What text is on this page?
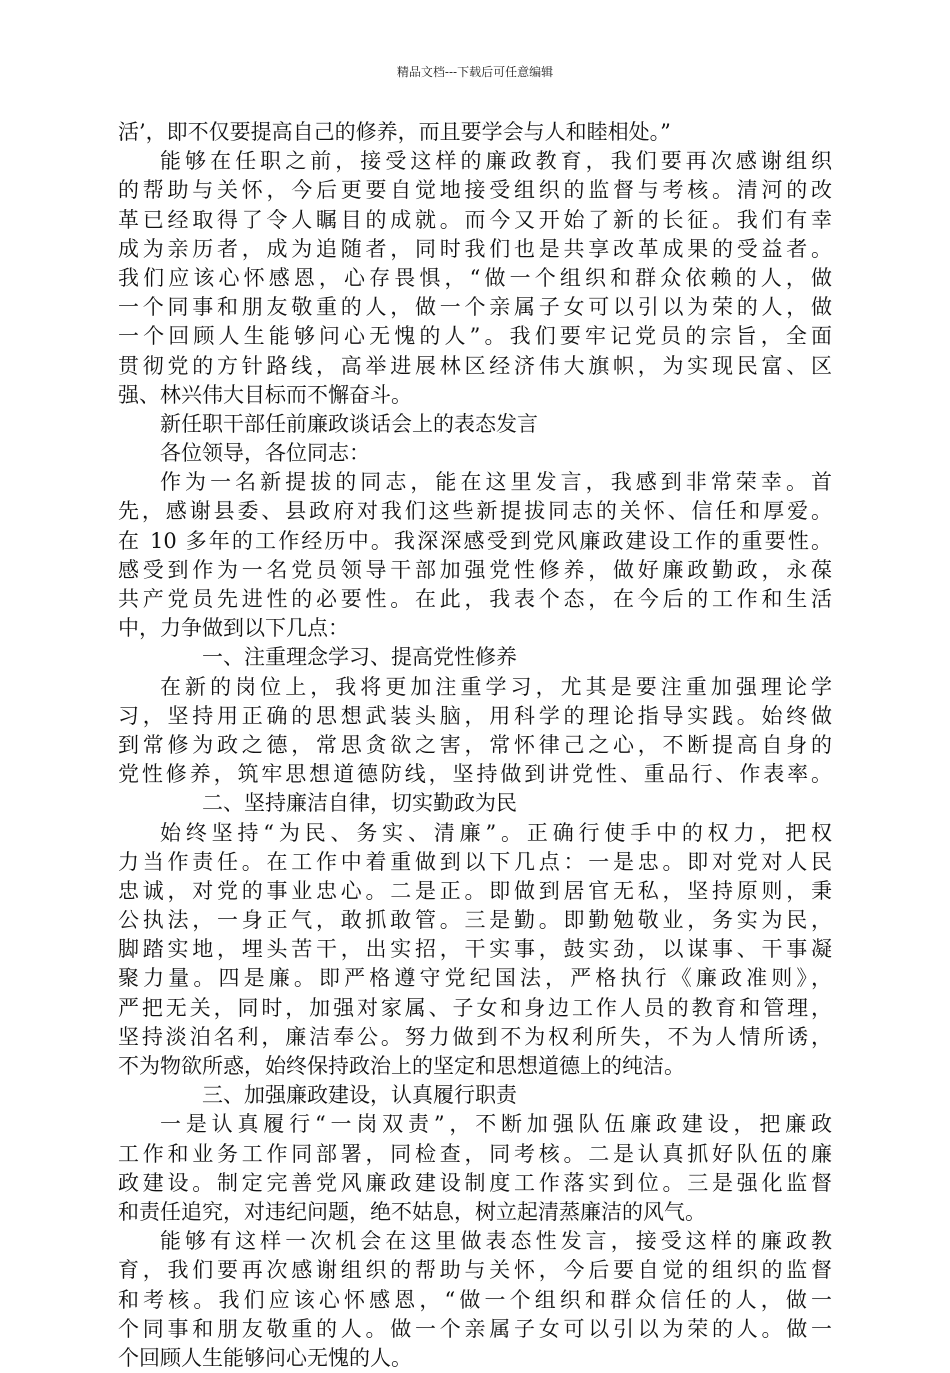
精品文档---下载后可任意编辑
活’，即不仅要提高自己的修养，而且要学会与人和睦相处。”
能够在任职之前，接受这样的廉政教育，我们要再次感谢组织
的帮助与关怀，今后更要自觉地接受组织的监督与考核。清河的改
革已经取得了令人瞩目的成就。而今又开始了新的长征。我们有幸
成为亲历者，成为追随者，同时我们也是共享改革成果的受益者。
我们应该心怀感恩，心存畏惧，“做一个组织和群众依赖的人，做
一个同事和朋友敬重的人，做一个亲属子女可以引以为荣的人，做
一个回顾人生能够问心无愧的人”。我们要牢记党员的宗旨，全面
贯彻党的方针路线，高举进展林区经济伟大旗帜，为实现民富、区
强、林兴伟大目标而不懈奋斗。
新任职干部任前廉政谈话会上的表态发言
各位领导，各位同志：
作为一名新提拔的同志，能在这里发言，我感到非常荣幸。首
先，感谢县委、县政府对我们这些新提拔同志的关怀、信任和厚爱。
在 10 多年的工作经历中。我深深感受到党风廉政建设工作的重要性。
感受到作为一名党员领导干部加强党性修养，做好廉政勤政，永葆
共产党员先进性的必要性。在此，我表个态，在今后的工作和生活
中，力争做到以下几点：
一、注重理念学习、提高党性修养
在新的岗位上，我将更加注重学习，尤其是要注重加强理论学
习，坚持用正确的思想武装头脑，用科学的理论指导实践。始终做
到常修为政之德，常思贪欲之害，常怀律己之心，不断提高自身的
党性修养，筑牢思想道德防线，坚持做到讲党性、重品行、作表率。
二、坚持廉洁自律，切实勤政为民
始终坚持“为民、务实、清廉”。正确行使手中的权力，把权
力当作责任。在工作中着重做到以下几点：一是忠。即对党对人民
忠诚，对党的事业忠心。二是正。即做到居官无私，坚持原则，秉
公执法，一身正气，敢抓敢管。三是勤。即勤勉敬业，务实为民，
脚踏实地，埋头苦干，出实招，干实事，鼓实劲，以谋事、干事凝
聚力量。四是廉。即严格遵守党纪国法，严格执行《廉政准则》，
严把无关，同时，加强对家属、子女和身边工作人员的教育和管理，
坚持淡泊名利，廉洁奉公。努力做到不为权利所失，不为人情所诱，
不为物欲所惑，始终保持政治上的坚定和思想道德上的纯洁。
三、加强廉政建设，认真履行职责
一是认真履行“一岗双责”，不断加强队伍廉政建设，把廉政
工作和业务工作同部署，同检查，同考核。二是认真抓好队伍的廉
政建设。制定完善党风廉政建设制度工作落实到位。三是强化监督
和责任追究，对违纪问题，绝不姑息，树立起清蒸廉洁的风气。
能够有这样一次机会在这里做表态性发言，接受这样的廉政教
育，我们要再次感谢组织的帮助与关怀，今后要自觉的组织的监督
和考核。我们应该心怀感恩，“做一个组织和群众信任的人，做一
个同事和朋友敬重的人。做一个亲属子女可以引以为荣的人。做一
个回顾人生能够问心无愧的人。
